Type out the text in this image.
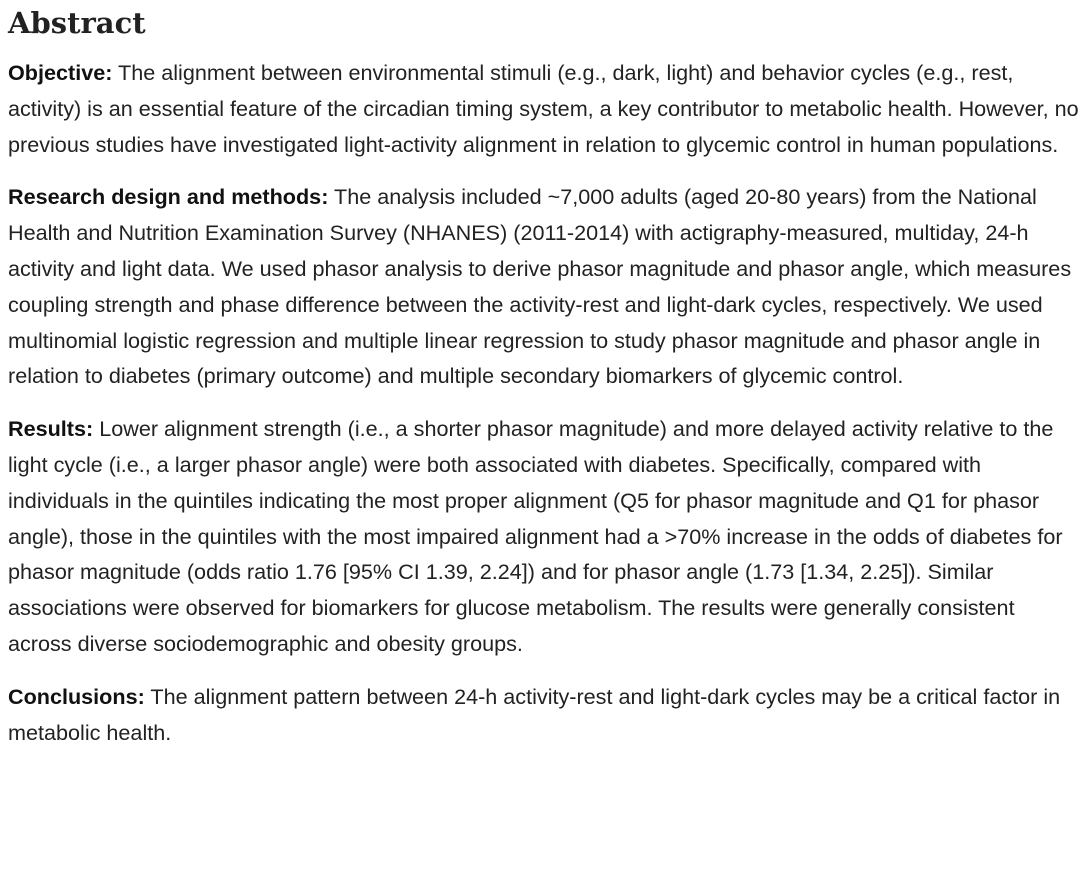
Abstract

Objective: The alignment between environmental stimuli (e.g., dark, light) and behavior cycles (e.g., rest, activity) is an essential feature of the circadian timing system, a key contributor to metabolic health. However, no previous studies have investigated light-activity alignment in relation to glycemic control in human populations.

Research design and methods: The analysis included ~7,000 adults (aged 20-80 years) from the National Health and Nutrition Examination Survey (NHANES) (2011-2014) with actigraphy-measured, multiday, 24-h activity and light data. We used phasor analysis to derive phasor magnitude and phasor angle, which measures coupling strength and phase difference between the activity-rest and light-dark cycles, respectively. We used multinomial logistic regression and multiple linear regression to study phasor magnitude and phasor angle in relation to diabetes (primary outcome) and multiple secondary biomarkers of glycemic control.

Results: Lower alignment strength (i.e., a shorter phasor magnitude) and more delayed activity relative to the light cycle (i.e., a larger phasor angle) were both associated with diabetes. Specifically, compared with individuals in the quintiles indicating the most proper alignment (Q5 for phasor magnitude and Q1 for phasor angle), those in the quintiles with the most impaired alignment had a >70% increase in the odds of diabetes for phasor magnitude (odds ratio 1.76 [95% CI 1.39, 2.24]) and for phasor angle (1.73 [1.34, 2.25]). Similar associations were observed for biomarkers for glucose metabolism. The results were generally consistent across diverse sociodemographic and obesity groups.

Conclusions: The alignment pattern between 24-h activity-rest and light-dark cycles may be a critical factor in metabolic health.
